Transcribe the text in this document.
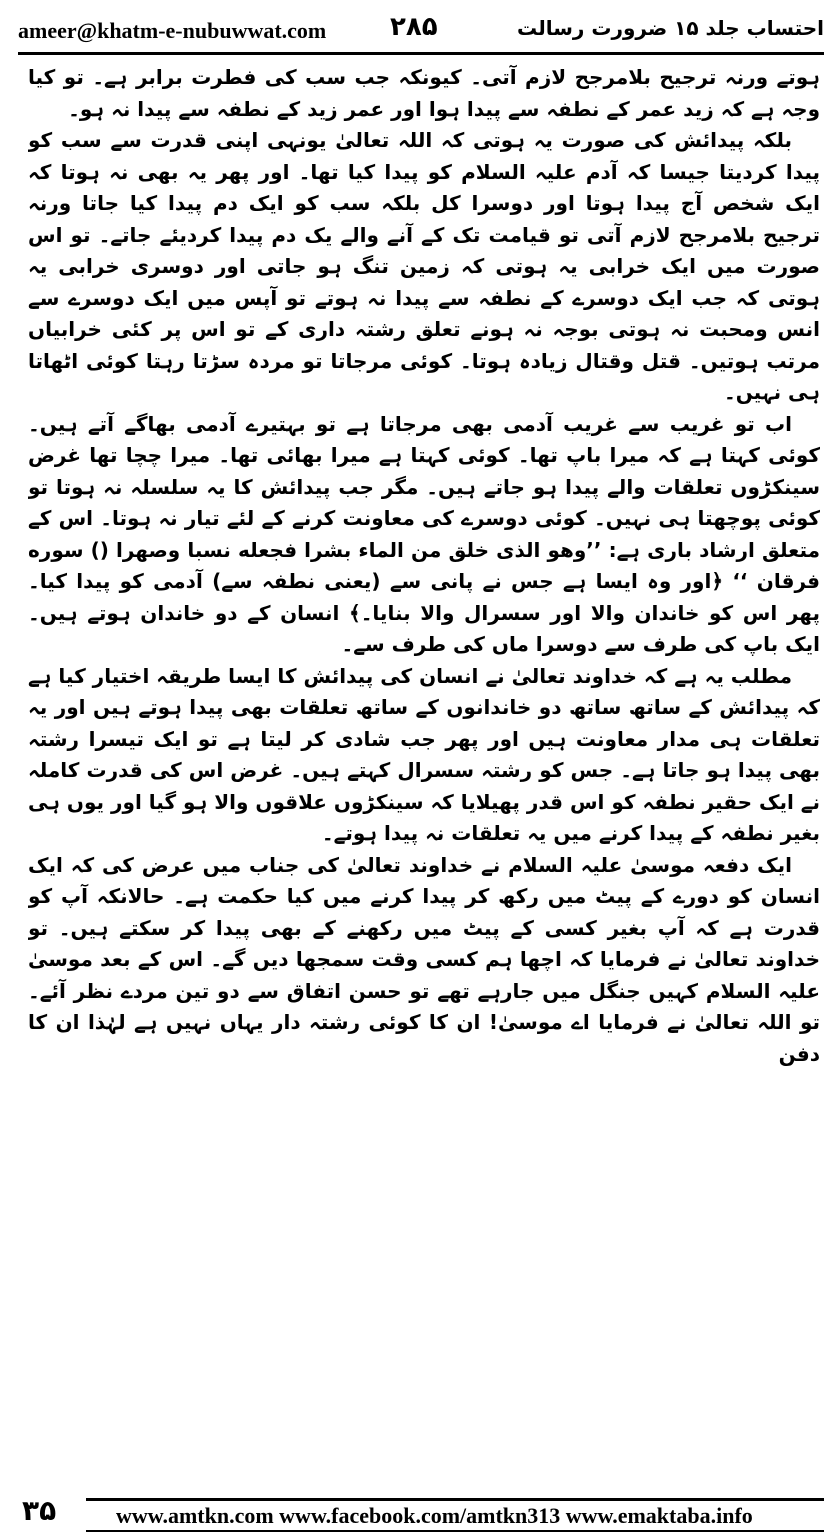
ameer@khatm-e-nubuwwat.com ۲۸۵	احتساب جلد ۱۵ ضرورت رسالت

ہوتے ورنہ ترجیح بلامرجح لازم آتی۔ کیونکہ جب سب کی فطرت برابر ہے۔ تو کیا وجہ ہے کہ زید عمر کے نطفہ سے پیدا ہوا اور عمر زید کے نطفہ سے پیدا نہ ہو۔

بلکہ پیدائش کی صورت یہ ہوتی کہ اللہ تعالیٰ یونہی اپنی قدرت سے سب کو پیدا کردیتا جیسا کہ آدم علیہ السلام کو پیدا کیا تھا۔ اور پھر یہ بھی نہ ہوتا کہ ایک شخص آج پیدا ہوتا اور دوسرا کل بلکہ سب کو ایک دم پیدا کیا جاتا ورنہ ترجیح بلامرجح لازم آتی تو قیامت تک کے آنے والے یک دم پیدا کردیئے جاتے۔ تو اس صورت میں ایک خرابی یہ ہوتی کہ زمین تنگ ہو جاتی اور دوسری خرابی یہ ہوتی کہ جب ایک دوسرے کے نطفہ سے پیدا نہ ہوتے تو آپس میں ایک دوسرے سے انس ومحبت نہ ہوتی بوجہ نہ ہونے تعلق رشتہ داری کے تو اس پر کئی خرابیاں مرتب ہوتیں۔ قتل وقتال زیادہ ہوتا۔ کوئی مرجاتا تو مردہ سڑتا رہتا کوئی اٹھاتا ہی نہیں۔

اب تو غریب سے غریب آدمی بھی مرجاتا ہے تو بہتیرے آدمی بھاگے آتے ہیں۔ کوئی کہتا ہے کہ میرا باپ تھا۔ کوئی کہتا ہے میرا بھائی تھا۔ میرا چچا تھا غرض سینکڑوں تعلقات والے پیدا ہو جاتے ہیں۔ مگر جب پیدائش کا یہ سلسلہ نہ ہوتا تو کوئی پوچھتا ہی نہیں۔ کوئی دوسرے کی معاونت کرنے کے لئے تیار نہ ہوتا۔ اس کے متعلق ارشاد باری ہے: ’’وهو الذی خلق من الماء بشرا فجعله نسبا وصهرا () سوره فرقان ‘‘ ﴿اور وہ ایسا ہے جس نے پانی سے (یعنی نطفہ سے) آدمی کو پیدا کیا۔ پھر اس کو خاندان والا اور سسرال والا بنایا۔﴾ انسان کے دو خاندان ہوتے ہیں۔ ایک باپ کی طرف سے دوسرا ماں کی طرف سے۔

مطلب یہ ہے کہ خداوند تعالیٰ نے انسان کی پیدائش کا ایسا طریقہ اختیار کیا ہے کہ پیدائش کے ساتھ ساتھ دو خاندانوں کے ساتھ تعلقات بھی پیدا ہوتے ہیں اور یہ تعلقات ہی مدار معاونت ہیں اور پھر جب شادی کر لیتا ہے تو ایک تیسرا رشتہ بھی پیدا ہو جاتا ہے۔ جس کو رشتہ سسرال کہتے ہیں۔ غرض اس کی قدرت کاملہ نے ایک حقیر نطفہ کو اس قدر پھیلایا کہ سینکڑوں علاقوں والا ہو گیا اور یوں ہی بغیر نطفہ کے پیدا کرنے میں یہ تعلقات نہ پیدا ہوتے۔

ایک دفعہ موسیٰ علیہ السلام نے خداوند تعالیٰ کی جناب میں عرض کی کہ ایک انسان کو دورے کے پیٹ میں رکھ کر پیدا کرنے میں کیا حکمت ہے۔ حالانکہ آپ کو قدرت ہے کہ آپ بغیر کسی کے پیٹ میں رکھنے کے بھی پیدا کر سکتے ہیں۔ تو خداوند تعالیٰ نے فرمایا کہ اچھا ہم کسی وقت سمجھا دیں گے۔ اس کے بعد موسیٰ علیہ السلام کہیں جنگل میں جارہے تھے تو حسن اتفاق سے دو تین مردے نظر آئے۔ تو اللہ تعالیٰ نے فرمایا اے موسیٰ! ان کا کوئی رشتہ دار یہاں نہیں ہے لہٰذا ان کا دفن

۳۵	www.amtkn.com www.facebook.com/amtkn313 www.emaktaba.info
